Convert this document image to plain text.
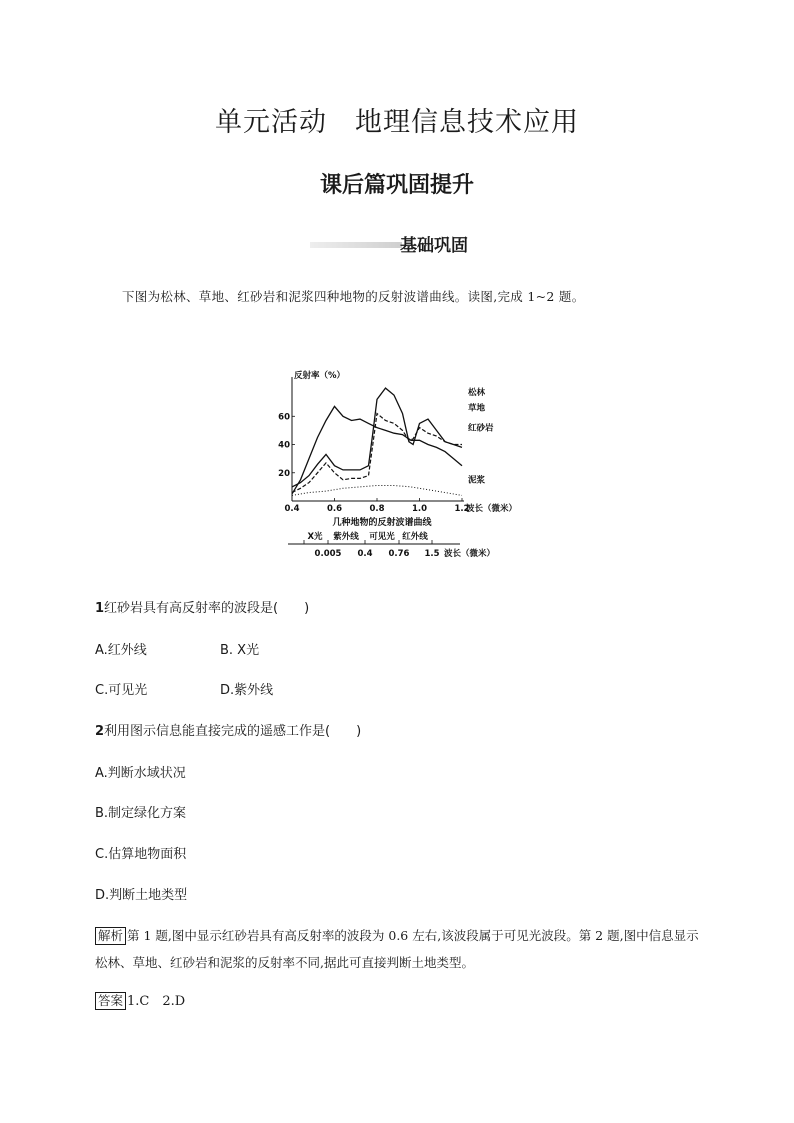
单元活动　地理信息技术应用
课后篇巩固提升
基础巩固
下图为松林、草地、红砂岩和泥浆四种地物的反射波谱曲线。读图,完成 1~2 题。
反射率（%）
20
40
60
0.4	0.6	0.8	1.0	1.2
波长（微米）
几种地物的反射波谱曲线
松林
草地
红砂岩
泥浆
X光 紫外线 可见光 红外线
0.005 0.4 0.76 1.5 波长（微米）
1红砂岩具有高反射率的波段是(　　)
A.红外线	B. X光
C.可见光	D.紫外线
2利用图示信息能直接完成的遥感工作是(　　)
A.判断水域状况
B.制定绿化方案
C.估算地物面积
D.判断土地类型
解析 第 1 题,图中显示红砂岩具有高反射率的波段为 0.6 左右,该波段属于可见光波段。第 2 题,图中信息显示松林、草地、红砂岩和泥浆的反射率不同,据此可直接判断土地类型。
答案 1.C　2.D
